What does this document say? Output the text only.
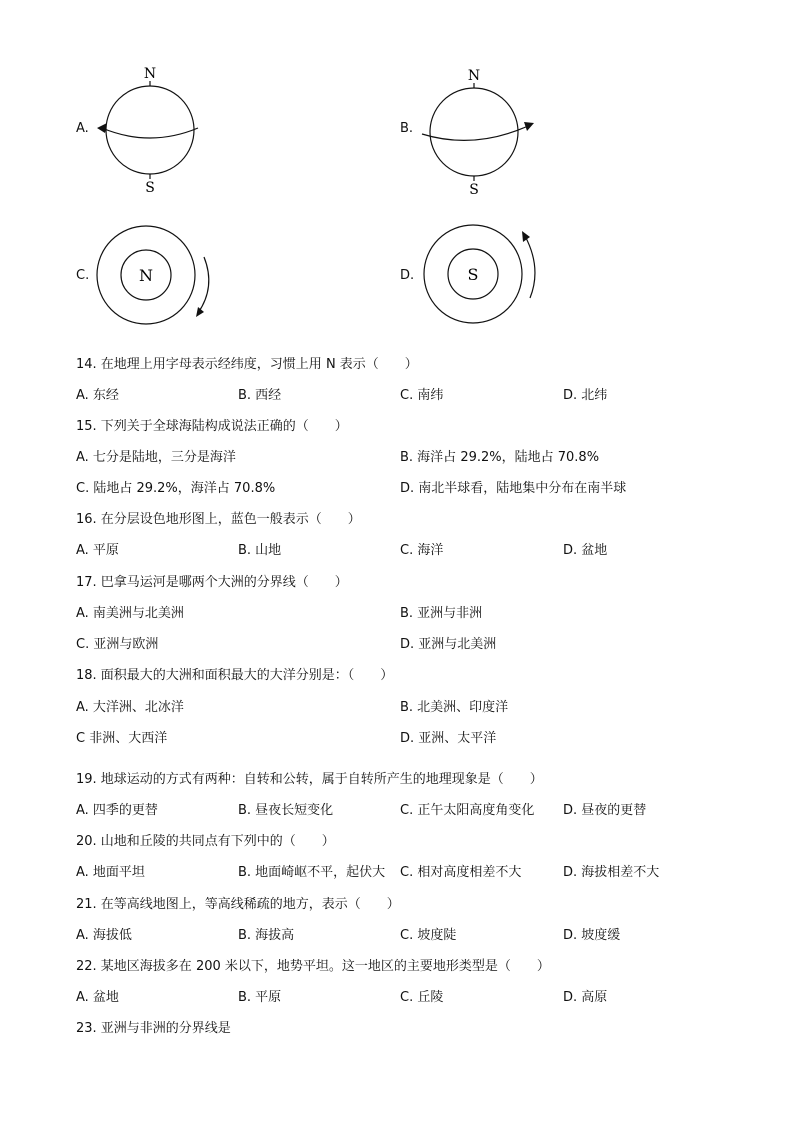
A.
N
S
B.
N
S
C.	N	D.	S
14. 在地理上用字母表示经纬度，习惯上用 N 表示（　　）
A. 东经	B. 西经	C. 南纬	D. 北纬
15. 下列关于全球海陆构成说法正确的（　　）
A. 七分是陆地，三分是海洋	B. 海洋占 29.2%，陆地占 70.8%
C. 陆地占 29.2%，海洋占 70.8%	D. 南北半球看，陆地集中分布在南半球
16. 在分层设色地形图上，蓝色一般表示（　　）
A. 平原	B. 山地	C. 海洋	D. 盆地
17. 巴拿马运河是哪两个大洲的分界线（　　）
A. 南美洲与北美洲	B. 亚洲与非洲
C. 亚洲与欧洲	D. 亚洲与北美洲
18. 面积最大的大洲和面积最大的大洋分别是：（　　）
A. 大洋洲、北冰洋	B. 北美洲、印度洋
C 非洲、大西洋	D. 亚洲、太平洋
19. 地球运动的方式有两种：自转和公转，属于自转所产生的地理现象是（　　）
A. 四季的更替	B. 昼夜长短变化	C. 正午太阳高度角变化 D. 昼夜的更替
20. 山地和丘陵的共同点有下列中的（　　）
A. 地面平坦	B. 地面崎岖不平，起伏大 C. 相对高度相差不大	D. 海拔相差不大
21. 在等高线地图上，等高线稀疏的地方，表示（　　）
A. 海拔低	B. 海拔高	C. 坡度陡	D. 坡度缓
22. 某地区海拔多在 200 米以下，地势平坦。这一地区的主要地形类型是（　　）
A. 盆地	B. 平原	C. 丘陵	D. 高原
23. 亚洲与非洲的分界线是
